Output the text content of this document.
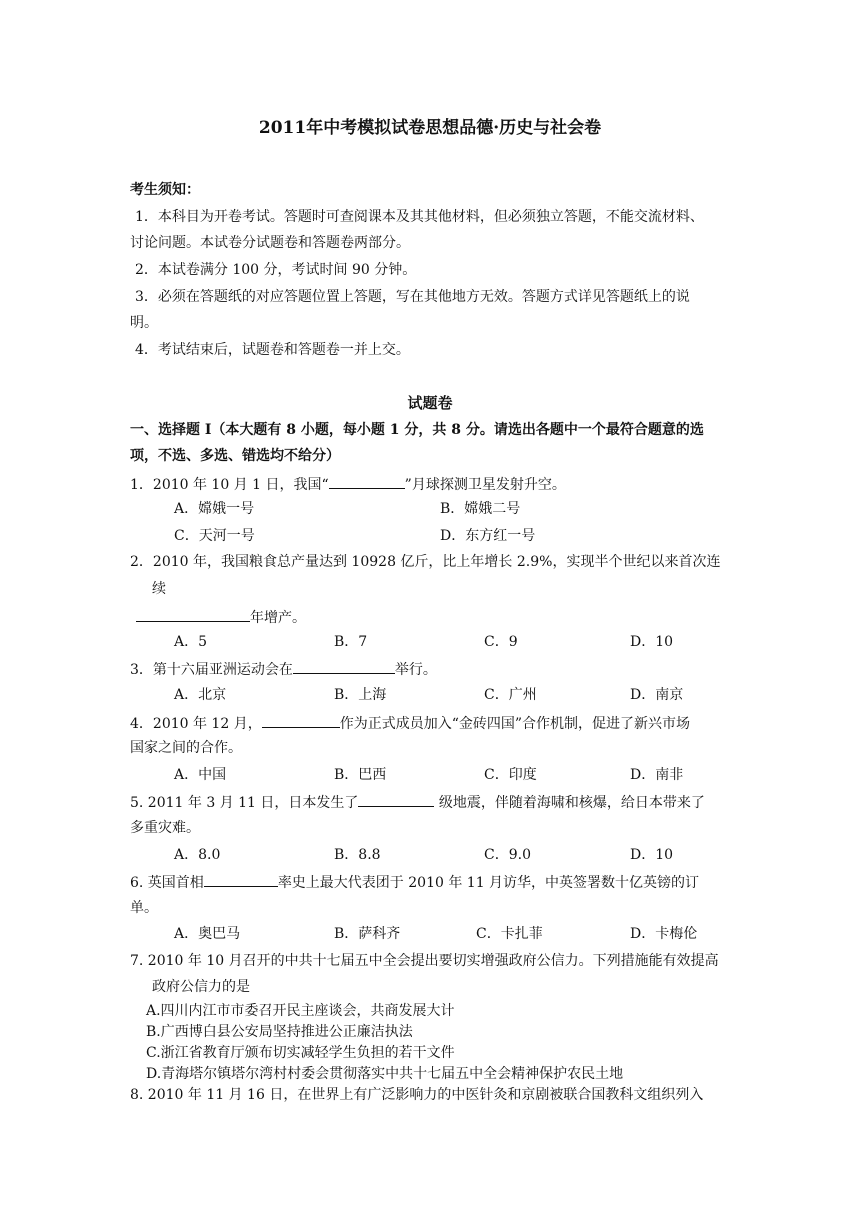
2011年中考模拟试卷思想品德·历史与社会卷
考生须知：
1．本科目为开卷考试。答题时可查阅课本及其其他材料，但必须独立答题，不能交流材料、
讨论问题。本试卷分试题卷和答题卷两部分。
2．本试卷满分 100 分，考试时间 90 分钟。
3．必须在答题纸的对应答题位置上答题，写在其他地方无效。答题方式详见答题纸上的说
明。
4．考试结束后，试题卷和答题卷一并上交。
试题卷
一、选择题 I（本大题有 8 小题，每小题 1 分，共 8 分。请选出各题中一个最符合题意的选
项，不选、多选、错选均不给分）
1．2010 年 10 月 1 日，我国“	”月球探测卫星发射升空。
A．嫦娥一号	B．嫦娥二号
C．天河一号	D．东方红一号
2．2010 年，我国粮食总产量达到 10928 亿斤，比上年增长 2.9%，实现半个世纪以来首次连
续
年增产。
A．5	B．7	C．9	D．10
3．第十六届亚洲运动会在	举行。
A．北京	B．上海	C．广州	D．南京
4．2010 年 12 月，	作为正式成员加入“金砖四国”合作机制，促进了新兴市场
国家之间的合作。
A．中国	B．巴西	C．印度	D．南非
5. 2011 年 3 月 11 日，日本发生了	级地震，伴随着海啸和核爆，给日本带来了
多重灾难。
A．8.0	B．8.8	C．9.0	D．10
6. 英国首相	率史上最大代表团于 2010 年 11 月访华，中英签署数十亿英镑的订
单。
A．奥巴马	B．萨科齐	C．卡扎菲	D．卡梅伦
7. 2010 年 10 月召开的中共十七届五中全会提出要切实增强政府公信力。下列措施能有效提高
政府公信力的是
A.四川内江市市委召开民主座谈会，共商发展大计
B.广西博白县公安局坚持推进公正廉洁执法
C.浙江省教育厅颁布切实减轻学生负担的若干文件
D.青海塔尔镇塔尔湾村村委会贯彻落实中共十七届五中全会精神保护农民土地
8. 2010 年 11 月 16 日，在世界上有广泛影响力的中医针灸和京剧被联合国教科文组织列入
